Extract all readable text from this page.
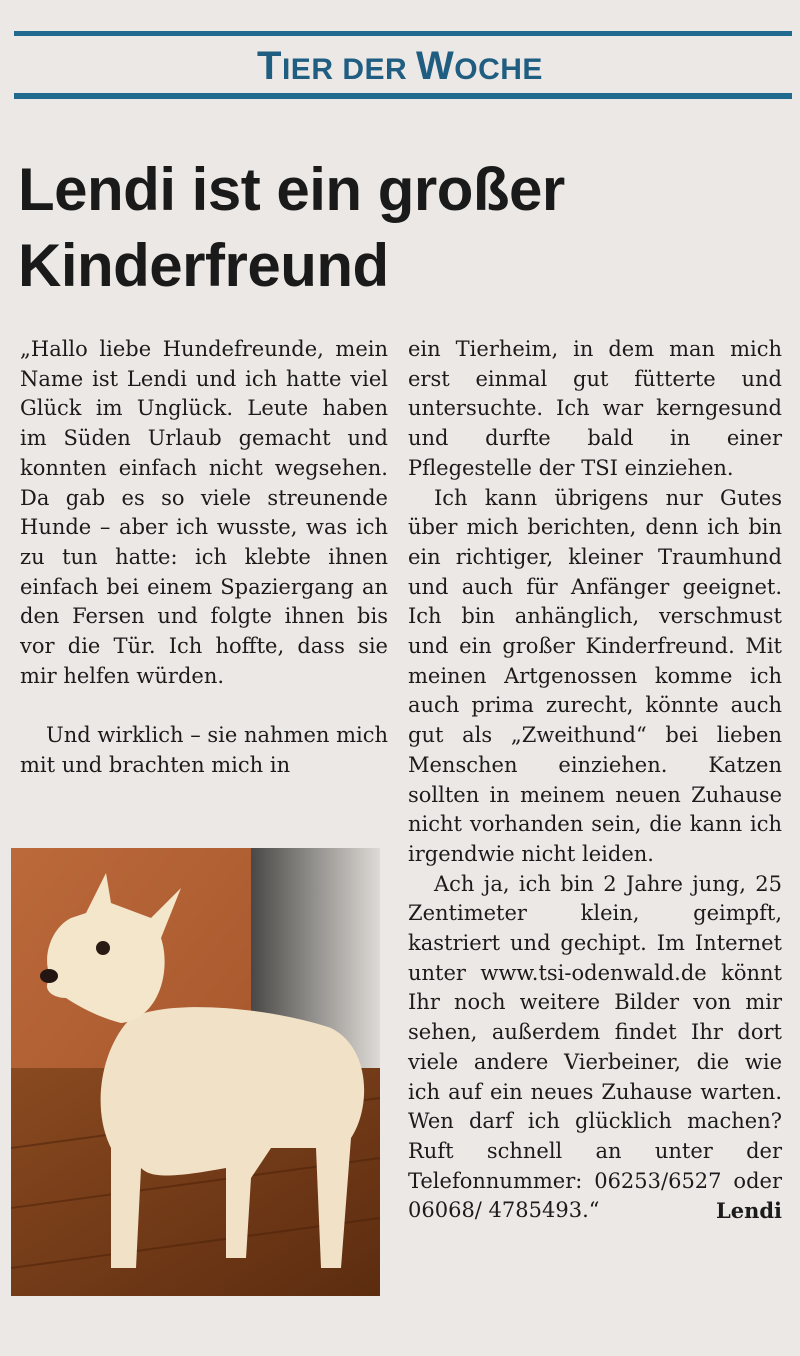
TIER DER WOCHE
Lendi ist ein großer
Kinderfreund

„Hallo liebe Hundefreunde, mein Name ist Lendi und ich hatte viel Glück im Unglück. Leute haben im Süden Urlaub gemacht und konnten einfach nicht wegsehen. Da gab es so viele streunende Hunde – aber ich wusste, was ich zu tun hatte: ich klebte ihnen einfach bei einem Spaziergang an den Fersen und folgte ihnen bis vor die Tür. Ich hoffte, dass sie mir helfen würden.

Und wirklich – sie nahmen mich mit und brachten mich in

ein Tierheim, in dem man mich erst einmal gut fütterte und untersuchte. Ich war kerngesund und durfte bald in einer Pflegestelle der TSI einziehen.

Ich kann übrigens nur Gutes über mich berichten, denn ich bin ein richtiger, kleiner Traumhund und auch für Anfänger geeignet. Ich bin anhänglich, verschmust und ein großer Kinderfreund. Mit meinen Artgenossen komme ich auch prima zurecht, könnte auch gut als „Zweithund“ bei lieben Menschen einziehen. Katzen sollten in meinem neuen Zuhause nicht vorhanden sein, die kann ich irgendwie nicht leiden.

Ach ja, ich bin 2 Jahre jung, 25 Zentimeter klein, geimpft, kastriert und gechipt. Im Internet unter www.tsi-odenwald.de könnt Ihr noch weitere Bilder von mir sehen, außerdem findet Ihr dort viele andere Vierbeiner, die wie ich auf ein neues Zuhause warten. Wen darf ich glücklich machen? Ruft schnell an unter der Telefonnummer: 06253/6527 oder 06068/ 4785493.“	Lendi
